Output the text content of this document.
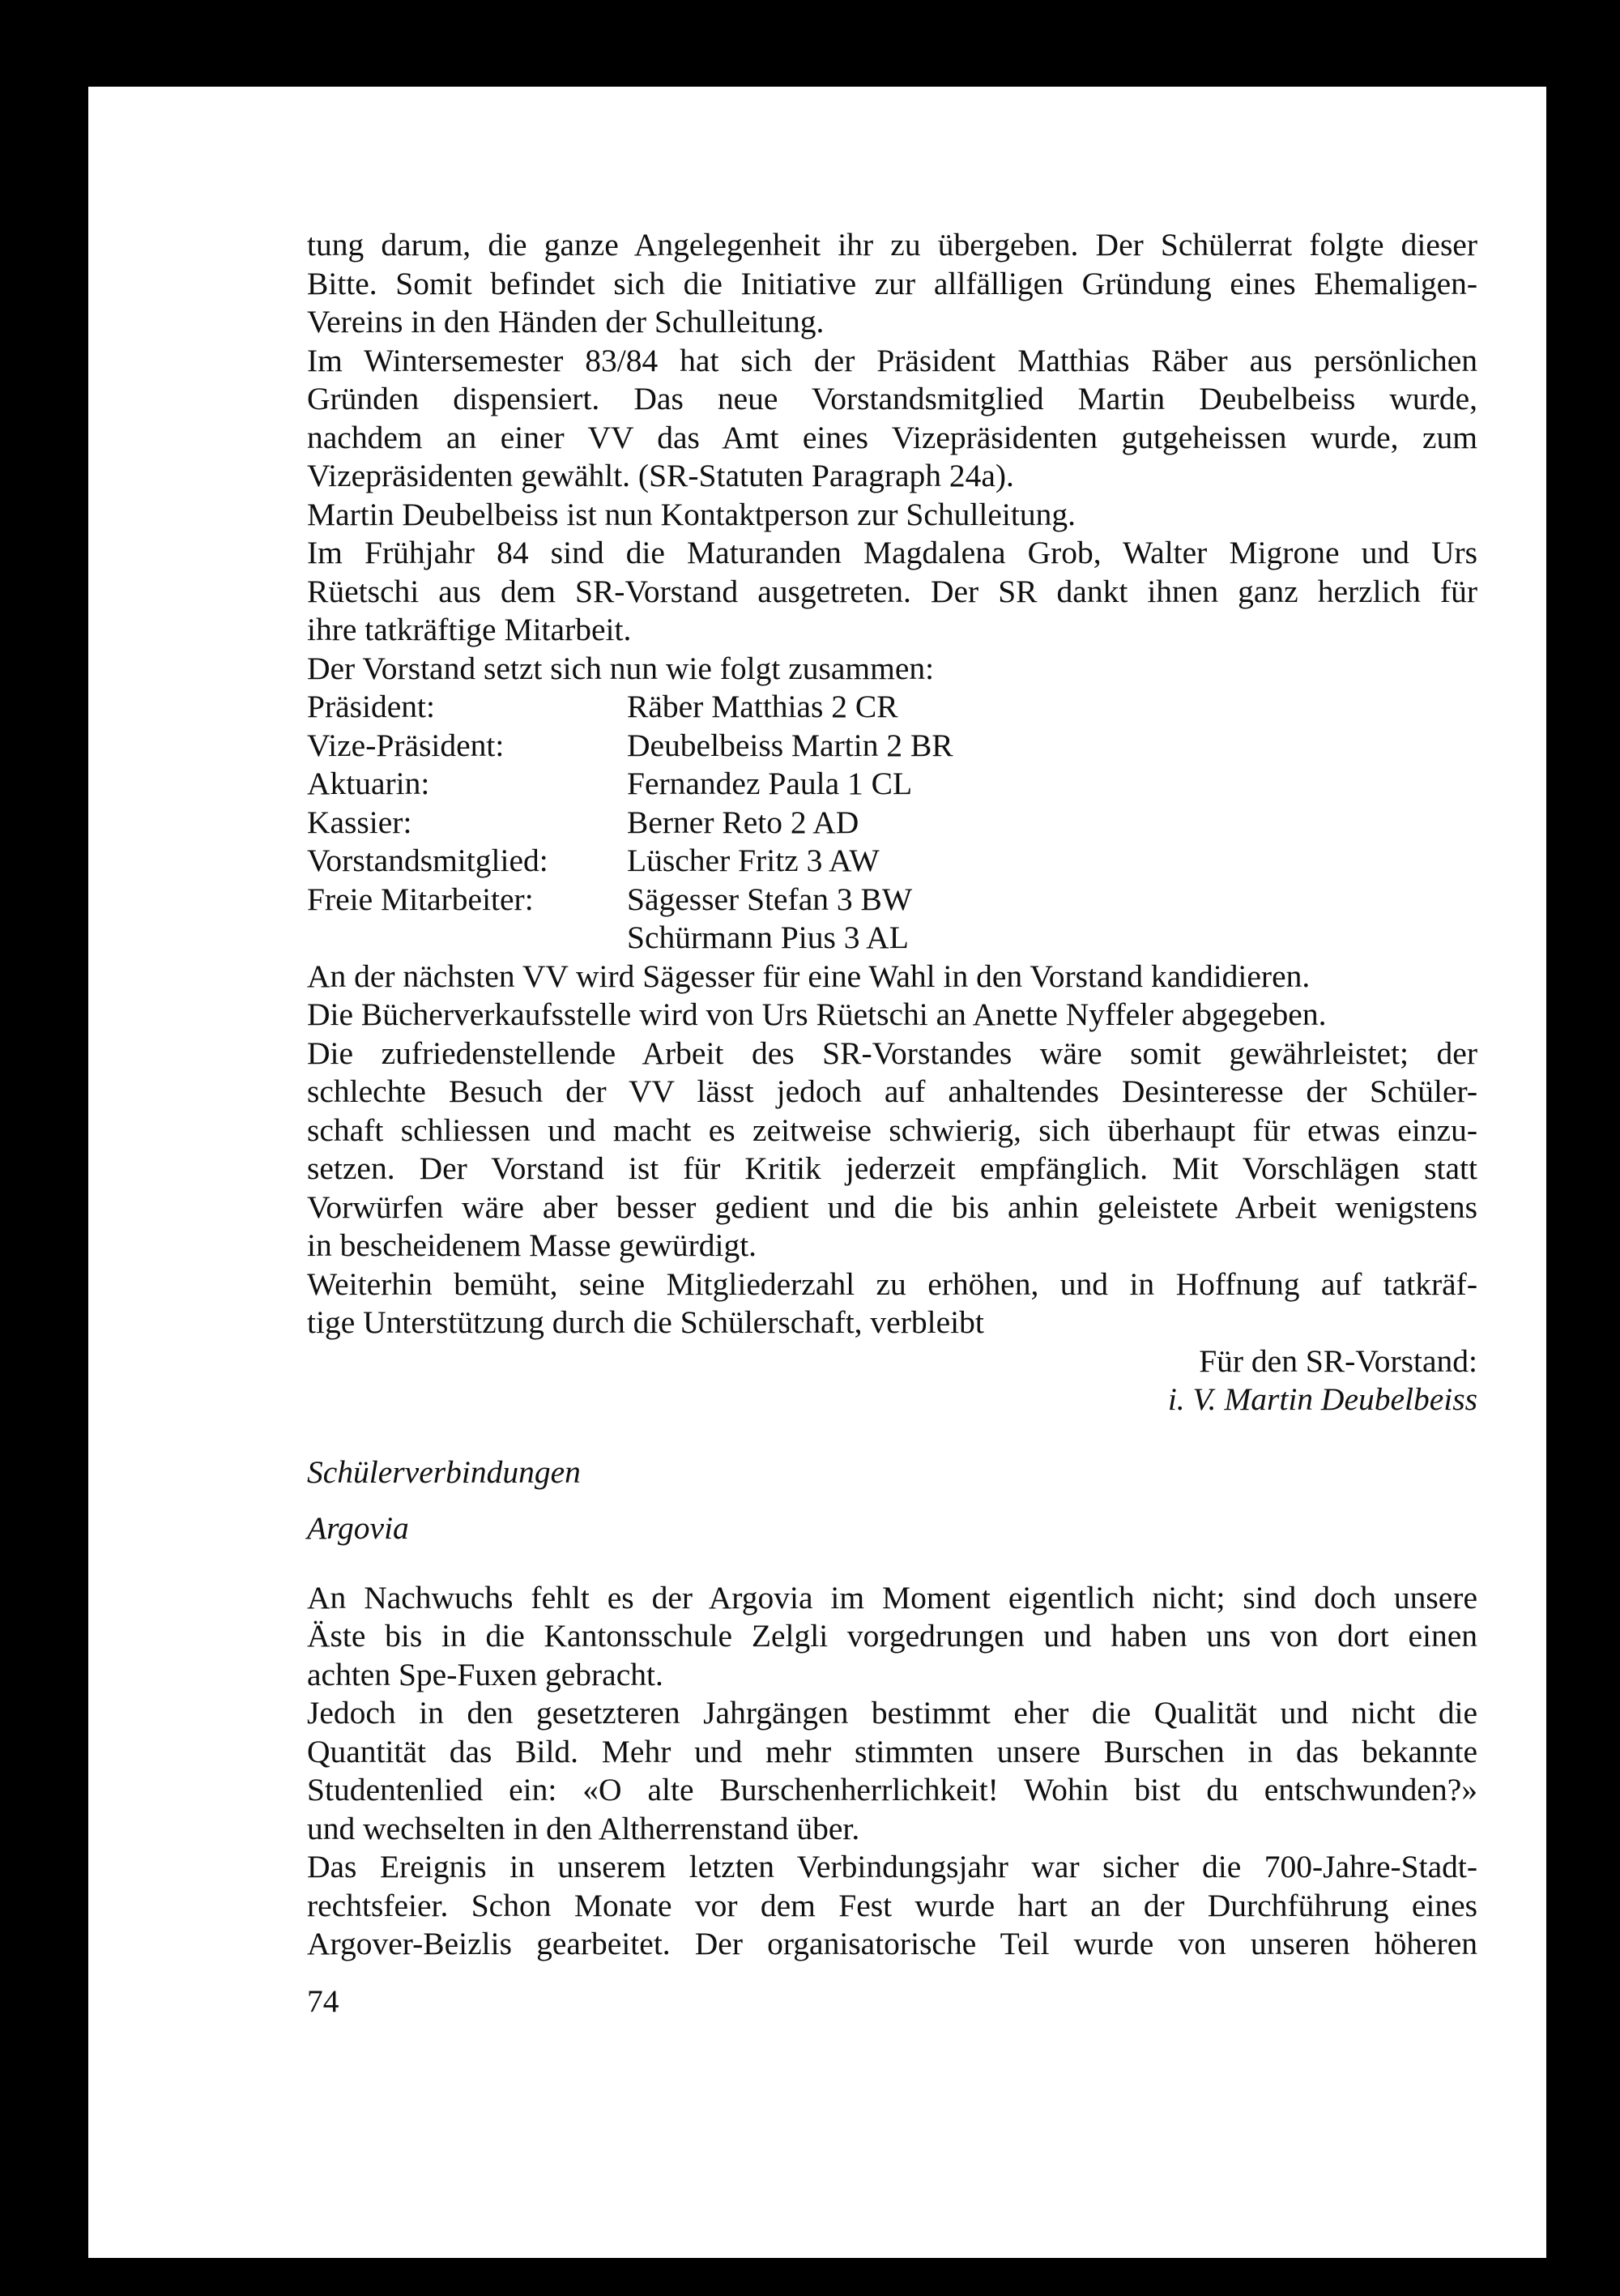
tung darum, die ganze Angelegenheit ihr zu übergeben. Der Schülerrat folgte dieser
Bitte. Somit befindet sich die Initiative zur allfälligen Gründung eines Ehemaligen-
Vereins in den Händen der Schulleitung.
Im Wintersemester 83/84 hat sich der Präsident Matthias Räber aus persönlichen
Gründen dispensiert. Das neue Vorstandsmitglied Martin Deubelbeiss wurde,
nachdem an einer VV das Amt eines Vizepräsidenten gutgeheissen wurde, zum
Vizepräsidenten gewählt. (SR-Statuten Paragraph 24a).
Martin Deubelbeiss ist nun Kontaktperson zur Schulleitung.
Im Frühjahr 84 sind die Maturanden Magdalena Grob, Walter Migrone und Urs
Rüetschi aus dem SR-Vorstand ausgetreten. Der SR dankt ihnen ganz herzlich für
ihre tatkräftige Mitarbeit.
Der Vorstand setzt sich nun wie folgt zusammen:
Präsident:	Räber Matthias 2 CR
Vize-Präsident:	Deubelbeiss Martin 2 BR
Aktuarin:	Fernandez Paula 1 CL
Kassier:	Berner Reto 2 AD
Vorstandsmitglied:	Lüscher Fritz 3 AW
Freie Mitarbeiter:	Sägesser Stefan 3 BW
Schürmann Pius 3 AL
An der nächsten VV wird Sägesser für eine Wahl in den Vorstand kandidieren.
Die Bücherverkaufsstelle wird von Urs Rüetschi an Anette Nyffeler abgegeben.
Die zufriedenstellende Arbeit des SR-Vorstandes wäre somit gewährleistet; der
schlechte Besuch der VV lässt jedoch auf anhaltendes Desinteresse der Schüler-
schaft schliessen und macht es zeitweise schwierig, sich überhaupt für etwas einzu-
setzen. Der Vorstand ist für Kritik jederzeit empfänglich. Mit Vorschlägen statt
Vorwürfen wäre aber besser gedient und die bis anhin geleistete Arbeit wenigstens
in bescheidenem Masse gewürdigt.
Weiterhin bemüht, seine Mitgliederzahl zu erhöhen, und in Hoffnung auf tatkräf-
tige Unterstützung durch die Schülerschaft, verbleibt
Für den SR-Vorstand:
i. V. Martin Deubelbeiss
Schülerverbindungen
Argovia
An Nachwuchs fehlt es der Argovia im Moment eigentlich nicht; sind doch unsere
Äste bis in die Kantonsschule Zelgli vorgedrungen und haben uns von dort einen
achten Spe-Fuxen gebracht.
Jedoch in den gesetzteren Jahrgängen bestimmt eher die Qualität und nicht die
Quantität das Bild. Mehr und mehr stimmten unsere Burschen in das bekannte
Studentenlied ein: «O alte Burschenherrlichkeit! Wohin bist du entschwunden?»
und wechselten in den Altherrenstand über.
Das Ereignis in unserem letzten Verbindungsjahr war sicher die 700-Jahre-Stadt-
rechtsfeier. Schon Monate vor dem Fest wurde hart an der Durchführung eines
Argover-Beizlis gearbeitet. Der organisatorische Teil wurde von unseren höheren
74
